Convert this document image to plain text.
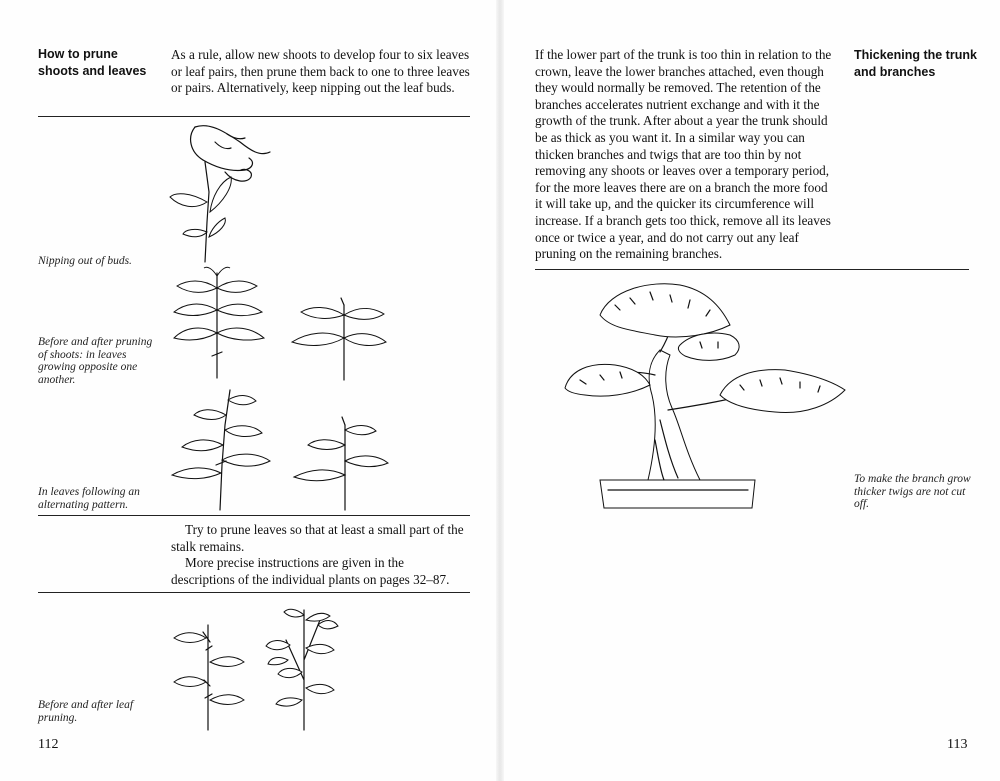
How to prune shoots and leaves
As a rule, allow new shoots to develop four to six leaves or leaf pairs, then prune them back to one to three leaves or pairs. Alternatively, keep nipping out the leaf buds.
Nipping out of buds.
Before and after pruning of shoots: in leaves growing opposite one another.
In leaves following an alternating pattern.
Try to prune leaves so that at least a small part of the stalk remains.
More precise instructions are given in the descriptions of the individual plants on pages 32–87.
Before and after leaf pruning.
112
If the lower part of the trunk is too thin in relation to the crown, leave the lower branches attached, even though they would normally be removed. The retention of the branches accelerates nutrient exchange and with it the growth of the trunk. After about a year the trunk should be as thick as you want it. In a similar way you can thicken branches and twigs that are too thin by not removing any shoots or leaves over a temporary period, for the more leaves there are on a branch the more food it will take up, and the quicker its circumference will increase. If a branch gets too thick, remove all its leaves once or twice a year, and do not carry out any leaf pruning on the remaining branches.
Thickening the trunk and branches
To make the branch grow thicker twigs are not cut off.
113
